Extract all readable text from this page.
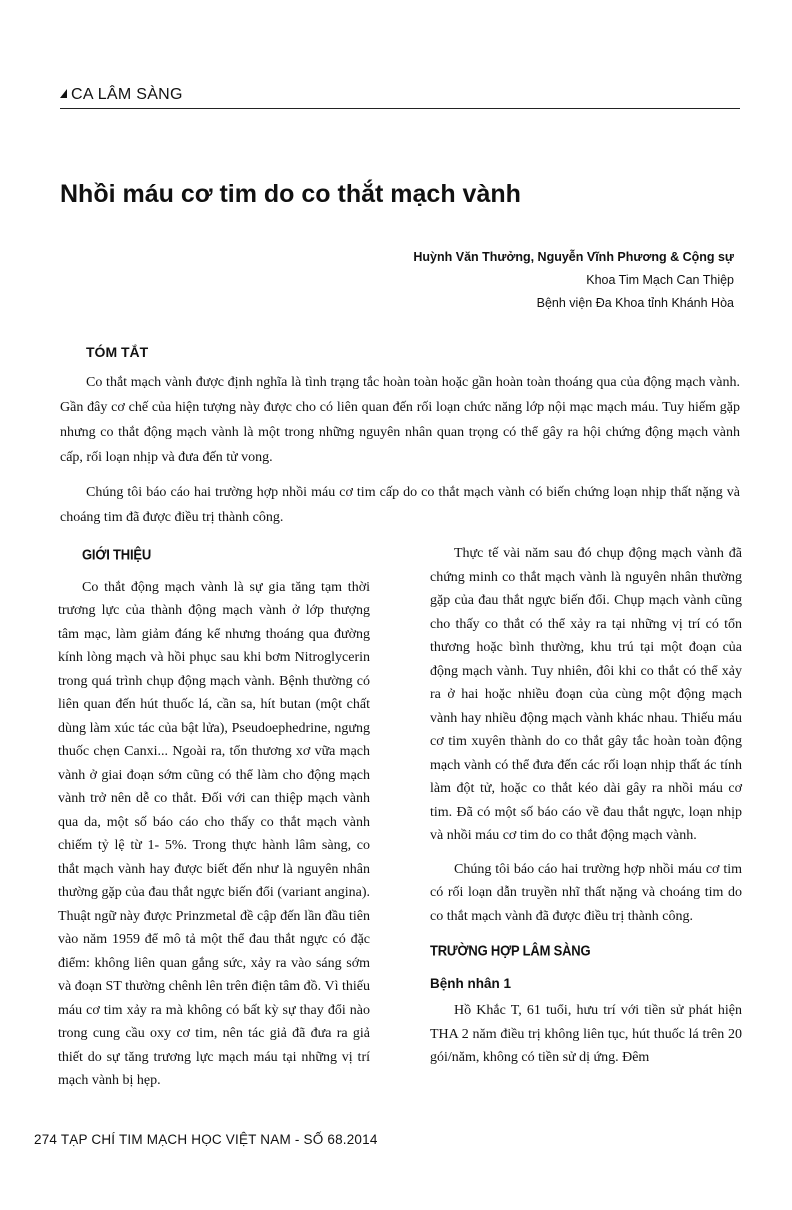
CA LÂM SÀNG
Nhồi máu cơ tim do co thắt mạch vành
Huỳnh Văn Thưởng, Nguyễn Vĩnh Phương & Cộng sự
Khoa Tim Mạch Can Thiệp
Bệnh viện Đa Khoa tỉnh Khánh Hòa
TÓM TẮT

Co thắt mạch vành được định nghĩa là tình trạng tắc hoàn toàn hoặc gần hoàn toàn thoáng qua của động mạch vành. Gần đây cơ chế của hiện tượng này được cho có liên quan đến rối loạn chức năng lớp nội mạc mạch máu. Tuy hiếm gặp nhưng co thắt động mạch vành là một trong những nguyên nhân quan trọng có thể gây ra hội chứng động mạch vành cấp, rối loạn nhịp và đưa đến tử vong.

Chúng tôi báo cáo hai trường hợp nhồi máu cơ tim cấp do co thắt mạch vành có biến chứng loạn nhịp thất nặng và choáng tim đã được điều trị thành công.

GIỚI THIỆU

Co thắt động mạch vành là sự gia tăng tạm thời trương lực của thành động mạch vành ở lớp thượng tâm mạc, làm giảm đáng kể nhưng thoáng qua đường kính lòng mạch và hồi phục sau khi bơm Nitroglycerin trong quá trình chụp động mạch vành. Bệnh thường có liên quan đến hút thuốc lá, cần sa, hít butan (một chất dùng làm xúc tác của bật lửa), Pseudoephedrine, ngưng thuốc chẹn Canxi... Ngoài ra, tổn thương xơ vữa mạch vành ở giai đoạn sớm cũng có thể làm cho động mạch vành trở nên dễ co thắt. Đối với can thiệp mạch vành qua da, một số báo cáo cho thấy co thắt mạch vành chiếm tỷ lệ từ 1- 5%. Trong thực hành lâm sàng, co thắt mạch vành hay được biết đến như là nguyên nhân thường gặp của đau thắt ngực biến đổi (variant angina). Thuật ngữ này được Prinzmetal đề cập đến lần đầu tiên vào năm 1959 để mô tả một thể đau thắt ngực có đặc điểm: không liên quan gắng sức, xảy ra vào sáng sớm và đoạn ST thường chênh lên trên điện tâm đồ. Vì thiếu máu cơ tim xảy ra mà không có bất kỳ sự thay đổi nào trong cung cầu oxy cơ tim, nên tác giả đã đưa ra giả thiết do sự tăng trương lực mạch máu tại những vị trí mạch vành bị hẹp.

Thực tế vài năm sau đó chụp động mạch vành đã chứng minh co thắt mạch vành là nguyên nhân thường gặp của đau thắt ngực biến đổi. Chụp mạch vành cũng cho thấy co thắt có thể xảy ra tại những vị trí có tổn thương hoặc bình thường, khu trú tại một đoạn của động mạch vành. Tuy nhiên, đôi khi co thắt có thể xảy ra ở hai hoặc nhiều đoạn của cùng một động mạch vành hay nhiều động mạch vành khác nhau. Thiếu máu cơ tim xuyên thành do co thắt gây tắc hoàn toàn động mạch vành có thể đưa đến các rối loạn nhịp thất ác tính làm đột tử, hoặc co thắt kéo dài gây ra nhồi máu cơ tim. Đã có một số báo cáo về đau thắt ngực, loạn nhịp và nhồi máu cơ tim do co thắt động mạch vành.

Chúng tôi báo cáo hai trường hợp nhồi máu cơ tim có rối loạn dẫn truyền nhĩ thất nặng và choáng tim do co thắt mạch vành đã được điều trị thành công.

TRƯỜNG HỢP LÂM SÀNG
Bệnh nhân 1

Hồ Khắc T, 61 tuổi, hưu trí với tiền sử phát hiện THA 2 năm điều trị không liên tục, hút thuốc lá trên 20 gói/năm, không có tiền sử dị ứng. Đêm

274 TẠP CHÍ TIM MẠCH HỌC VIỆT NAM - SỐ 68.2014
